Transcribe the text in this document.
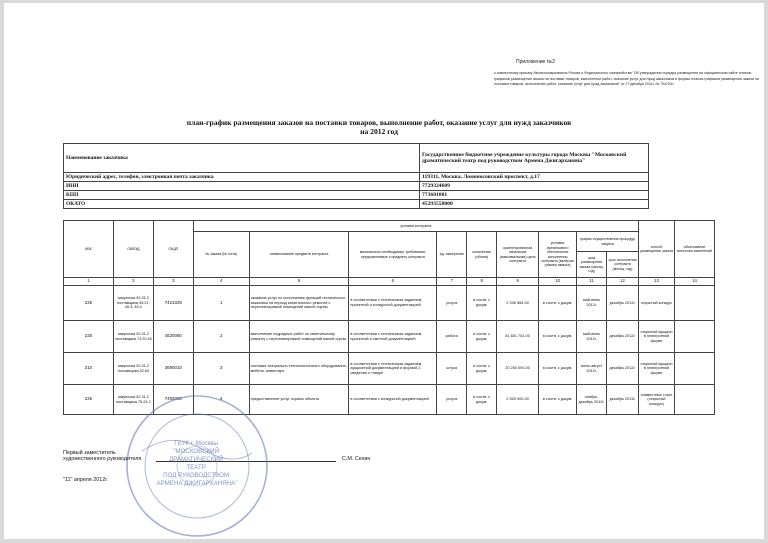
Приложение №2
к совместному приказу Минэкономразвития России и Федерального казначейства "Об утверждении порядка размещения на официальном сайте планов-графиков размещения заказа на поставки товаров, выполнение работ, оказание услуг для нужд заказчиков и формы планов-графиков размещения заказа на поставки товаров, выполнение работ, оказание услуг для нужд заказчиков" от 27 декабря 2011г. № 761/20н
план-график размещения заказов на поставки товаров, выполнение работ, оказание услуг для нужд заказчиков
на 2012 год
Наименование заказчика	Государственное бюджетное учреждение культуры города Москвы "Московский драматический театр под руководством Армена Джигарханяна"
Юридический адрес, телефон, электронная почта заказчика	119311, Москва, Ломоносовский проспект, д.17
ИНН	7729324609
КПП	773601001
ОКАТО	45293558000
КБК	ОКВЭД	ОКДП	условия контракта									способ размещения заказа	обоснование внесения изменений
			№ заказа (№ лота)	наименование предмета контракта	минимально необходимые требования, предъявляемые к предмету контракта	ед. измерения	количество (объем)	ориентировочная начальная (максимальная) цена контракта	условия финансового обеспечения исполнения контракта (включая размер аванса)	график осуществления процедур закупки			
										срок размещения заказа (месяц, год)	срок исполнения контракта (месяц, год)		
1	2	3	4	5	6	7	8	9	10	11	12	13	14
225	закупочка 92.31.2 поставщика 45.21; 45.3; 45.4	7421029	1	оказание услуг по исполнению функций технического заказчика на период капитального ремонта с перепланировкой помещений малой сцены	в соответствии с техническим заданием, проектной и конкурсной документацией	услуга	в соотв. с докум.	2 035 584-00	в соотв. с докум.	май-июнь 2012г.	декабрь 2012г.	открытый конкурс	
225	закупочка 92.31.2 поставщика 74.20.45	4520080	2	выполнение подрядных работ по капитальному ремонту с перепланировкой помещений малой сцены	в соответствии с техническим заданием, проектной и сметной документацией	работа	в соотв. с докум.	81 651 702-00	в соотв. с докум.	май-июнь 2012г.	декабрь 2012г.	открытый аукцион в электронной форме	
310	закупочка 92.31.2 поставщика 52.63	3690010	3	поставка театрально-технологического оборудования, мебели, инвентаря	в соответствии с техническим заданием, аукционной документацией и формой 2 сведения о товаре	штука	в соотв. с докум.	20 250 000-00	в соотв. с докум.	июль-август 2012г.	декабрь 2012г.	открытый аукцион в электронной форме	
226	закупочка 92.31.2 поставщика 75.24.2	7493000	4	предоставление услуг охраны объекта	в соответствии с конкурсной документацией	услуга	в соотв. с докум.	2 520 000-00	в соотв. с докум.	ноябрь-декабрь 2012г.	декабрь 2013г.	совместные торги (открытый конкурс)	
Первый заместитель
художественного руководителя	С.М. Сехин
"11" апреля 2012г.
ГБУК г. Москвы "МОСКОВСКИЙ ДРАМАТИЧЕСКИЙ ТЕАТР ПОД РУКОВОДСТВОМ АРМЕНА ДЖИГАРХАНЯНА"
